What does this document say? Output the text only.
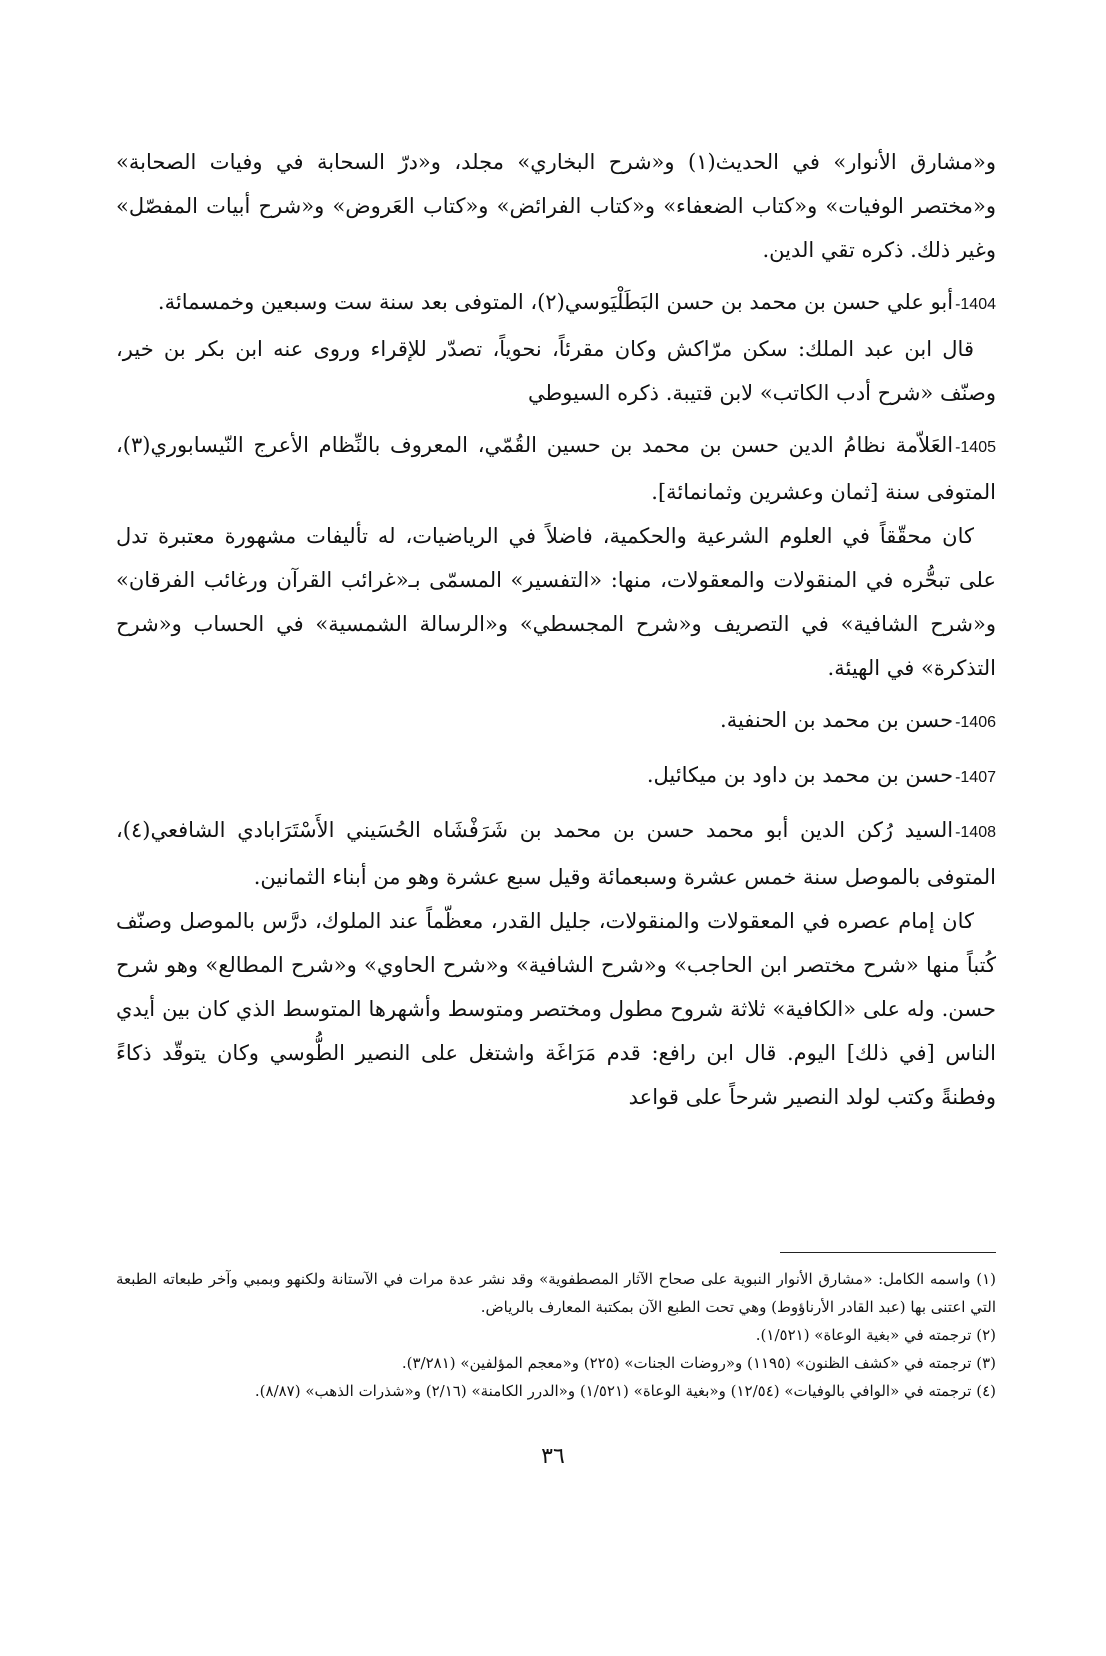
و«مشارق الأنوار» في الحديث(١) و«شرح البخاري» مجلد، و«درّ السحابة في وفيات الصحابة» و«مختصر الوفيات» و«كتاب الضعفاء» و«كتاب الفرائض» و«كتاب العَروض» و«شرح أبيات المفصّل» وغير ذلك. ذكره تقي الدين.

1404-أبو علي حسن بن محمد بن حسن البَطَلْيَوسي(٢)، المتوفى بعد سنة ست وسبعين وخمسمائة.

قال ابن عبد الملك: سكن مرّاكش وكان مقرئاً، نحوياً، تصدّر للإقراء وروى عنه ابن بكر بن خير، وصنّف «شرح أدب الكاتب» لابن قتيبة. ذكره السيوطي

1405-العَلاّمة نظامُ الدين حسن بن محمد بن حسين القُمّي، المعروف بالنِّظام الأعرج النّيسابوري(٣)، المتوفى سنة [ثمان وعشرين وثمانمائة].

كان محقّقاً في العلوم الشرعية والحكمية، فاضلاً في الرياضيات، له تأليفات مشهورة معتبرة تدل على تبحُّره في المنقولات والمعقولات، منها: «التفسير» المسمّى بـ«غرائب القرآن ورغائب الفرقان» و«شرح الشافية» في التصريف و«شرح المجسطي» و«الرسالة الشمسية» في الحساب و«شرح التذكرة» في الهيئة.

1406-حسن بن محمد بن الحنفية.

1407-حسن بن محمد بن داود بن ميكائيل.

1408-السيد رُكن الدين أبو محمد حسن بن محمد بن شَرَفْشَاه الحُسَيني الأَسْتَرَابادي الشافعي(٤)، المتوفى بالموصل سنة خمس عشرة وسبعمائة وقيل سبع عشرة وهو من أبناء الثمانين.

كان إمام عصره في المعقولات والمنقولات، جليل القدر، معظّماً عند الملوك، درَّس بالموصل وصنّف كُتباً منها «شرح مختصر ابن الحاجب» و«شرح الشافية» و«شرح الحاوي» و«شرح المطالع» وهو شرح حسن. وله على «الكافية» ثلاثة شروح مطول ومختصر ومتوسط وأشهرها المتوسط الذي كان بين أيدي الناس [في ذلك] اليوم. قال ابن رافع: قدم مَرَاغَة واشتغل على النصير الطُّوسي وكان يتوقّد ذكاءً وفطنةً وكتب لولد النصير شرحاً على قواعد

(١) واسمه الكامل: «مشارق الأنوار النبوية على صحاح الآثار المصطفوية» وقد نشر عدة مرات في الآستانة ولكنهو وبمبي وآخر طبعاته الطبعة التي اعتنى بها (عبد القادر الأرناؤوط) وهي تحت الطبع الآن بمكتبة المعارف بالرياض.

(٢) ترجمته في «بغية الوعاة» (١/٥٢١).

(٣) ترجمته في «كشف الظنون» (١١٩٥) و«روضات الجنات» (٢٢٥) و«معجم المؤلفين» (٣/٢٨١).

(٤) ترجمته في «الوافي بالوفيات» (١٢/٥٤) و«بغية الوعاة» (١/٥٢١) و«الدرر الكامنة» (٢/١٦) و«شذرات الذهب» (٨/٨٧).

٣٦
